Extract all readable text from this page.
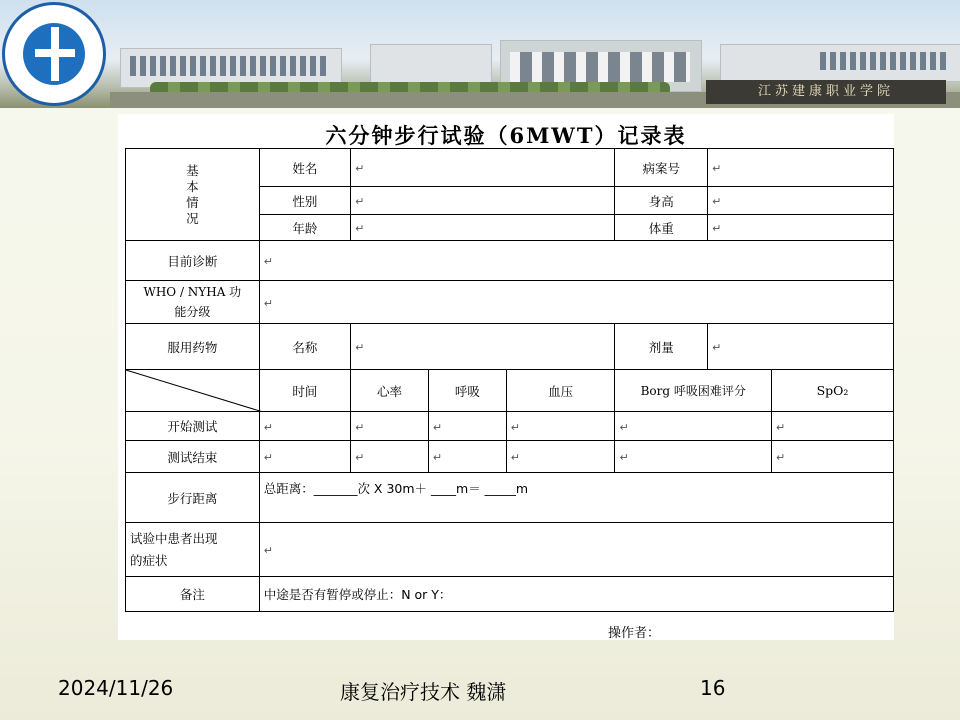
江苏建康职业学院
六分钟步行试验（6MWT）记录表
基
本
情
况	姓名	↵			病案号	↵	
	性别	↵			身高	↵	
	年龄	↵			体重	↵	
目前诊断	↵						

WHO / NYHA 功
能分级	↵						
服用药物	名称	↵			剂量	↵	

	时间	心率	呼吸	血压	Borg 呼吸困难评分		SpO₂
开始测试	↵	↵	↵	↵	↵		↵
测试结束	↵	↵	↵	↵	↵		↵
步行距离	总距离：_______次 X 30m＋ ____m＝ _____m						

试验中患者出现
的症状	↵						
备注	中途是否有暂停或停止：N or Y：						
操作者：
2024/11/26	康复治疗技术 魏潇	16
